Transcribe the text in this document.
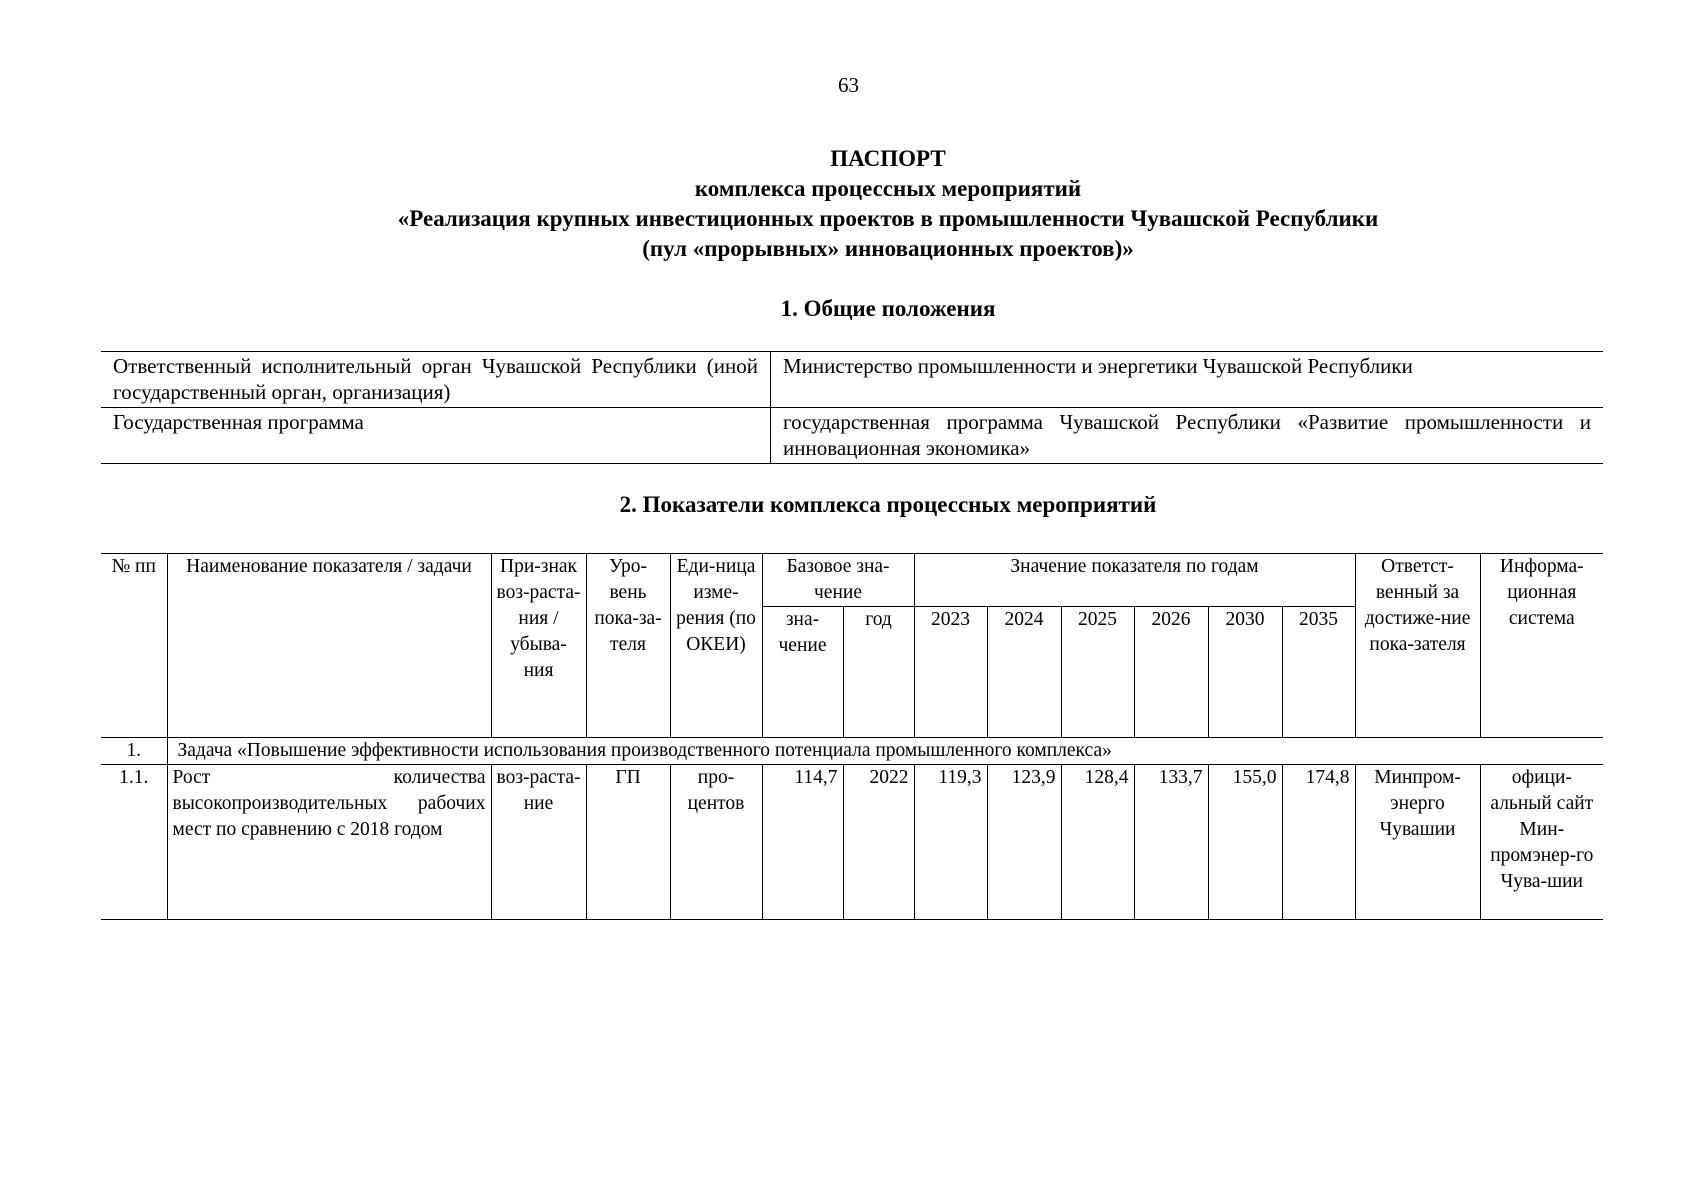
63
ПАСПОРТ
комплекса процессных мероприятий
«Реализация крупных инвестиционных проектов в промышленности Чувашской Республики
(пул «прорывных» инновационных проектов)»
1. Общие положения
Ответственный исполнительный орган Чувашской Республики (иной государственный орган, организация)	Министерство промышленности и энергетики Чувашской Республики
Государственная программа	государственная программа Чувашской Республики «Развитие промышленности и инновационная экономика»
2. Показатели комплекса процессных мероприятий
№ пп	Наименование показателя / задачи	При-знак воз-раста-ния / убыва-ния	Уро-вень пока-за-теля	Еди-ница изме-рения (по ОКЕИ)	Базовое зна-чение		Значение показателя по годам						Ответст-венный за достиже-ние пока-зателя	Информа-ционная система
					зна-чение	год	2023	2024	2025	2026	2030	2035		
1.	Задача «Повышение эффективности использования производственного потенциала промышленного комплекса»													
1.1.	Рост количества высокопроизводительных рабочих мест по сравнению с 2018 годом	воз-раста-ние	ГП	про-центов	114,7	2022	119,3	123,9	128,4	133,7	155,0	174,8	Минпром-энерго Чувашии	офици-альный сайт Мин-промэнер-го Чува-шии
